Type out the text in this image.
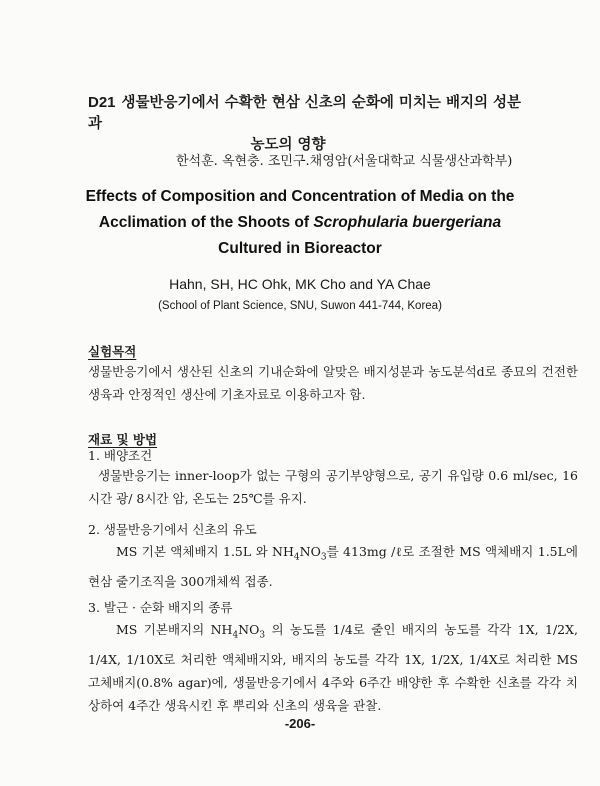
D21 생물반응기에서 수확한 현삼 신초의 순화에 미치는 배지의 성분과
농도의 영향
한석훈. 옥현충. 조민구.채영암(서울대학교 식물생산과학부)
Effects of Composition and Concentration of Media on the
Acclimation of the Shoots of Scrophularia buergeriana
Cultured in Bioreactor
Hahn, SH, HC Ohk, MK Cho and YA Chae
(School of Plant Science, SNU, Suwon 441-744, Korea)
실험목적
생물반응기에서 생산된 신초의 기내순화에 알맞은 배지성분과 농도분석d로 종묘의 건전한 생육과 안정적인 생산에 기초자료로 이용하고자 함.
재료 및 방법
1. 배양조건
생물반응기는 inner-loop가 없는 구형의 공기부양형으로, 공기 유입량 0.6 ml/sec, 16시간 광/ 8시간 암, 온도는 25℃를 유지.
2. 생물반응기에서 신초의 유도
MS 기본 액체배지 1.5L 와 $NH_4NO_3$를 413mg /ℓ로 조절한 MS 액체배지 1.5L에 현삼 줄기조직을 300개체씩 접종.
3. 발근 · 순화 배지의 종류
MS 기본배지의 $NH_4NO_3$ 의 농도를 1/4로 줄인 배지의 농도를 각각 1X, 1/2X, 1/4X, 1/10X로 처리한 액체배지와, 배지의 농도를 각각 1X, 1/2X, 1/4X로 처리한 MS 고체배지(0.8% agar)에, 생물반응기에서 4주와 6주간 배양한 후 수확한 신초를 각각 치상하여 4주간 생육시킨 후 뿌리와 신초의 생육을 관찰.
-206-
